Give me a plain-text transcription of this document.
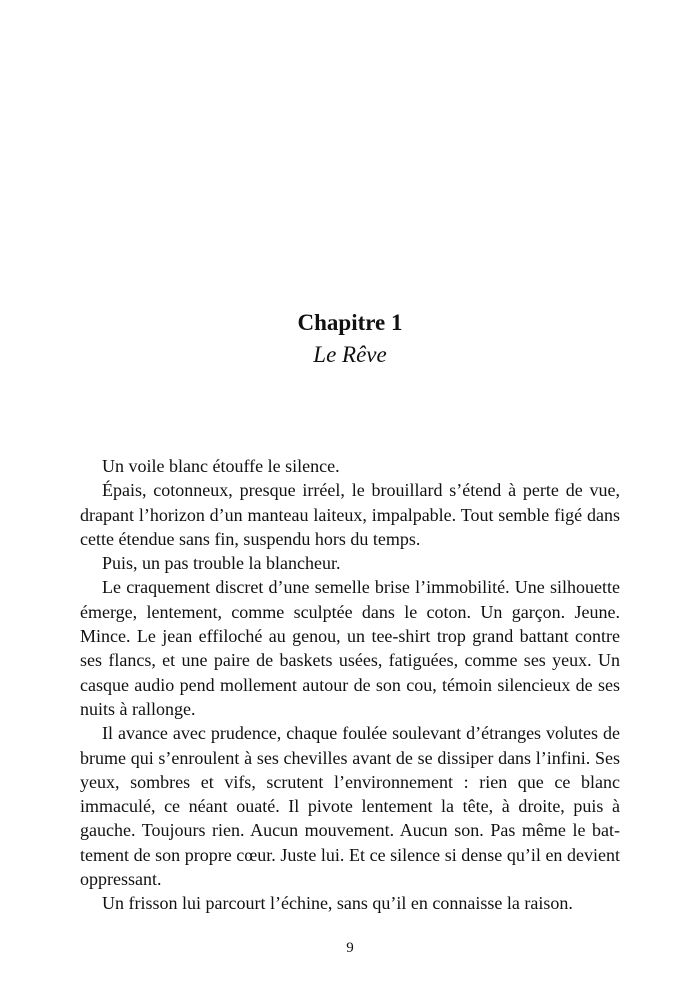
Chapitre 1

Le Rêve

Un voile blanc étouffe le silence.

Épais, cotonneux, presque irréel, le brouillard s’étend à perte de vue, drapant l’horizon d’un manteau laiteux, impalpable. Tout semble figé dans cette étendue sans fin, suspendu hors du temps.

Puis, un pas trouble la blancheur.

Le craquement discret d’une semelle brise l’immobilité. Une silhouette émerge, lentement, comme sculptée dans le coton. Un garçon. Jeune. Mince. Le jean effiloché au genou, un tee-shirt trop grand battant contre ses flancs, et une paire de baskets usées, fatiguées, comme ses yeux. Un casque audio pend mollement autour de son cou, témoin silencieux de ses nuits à rallonge.

Il avance avec prudence, chaque foulée soulevant d’étranges volutes de brume qui s’enroulent à ses chevilles avant de se dissiper dans l’infini. Ses yeux, sombres et vifs, scrutent l’environnement : rien que ce blanc immaculé, ce néant ouaté. Il pivote lentement la tête, à droite, puis à gauche. Toujours rien. Aucun mouvement. Aucun son. Pas même le battement de son propre cœur. Juste lui. Et ce silence si dense qu’il en devient oppressant.

Un frisson lui parcourt l’échine, sans qu’il en connaisse la raison.

9
